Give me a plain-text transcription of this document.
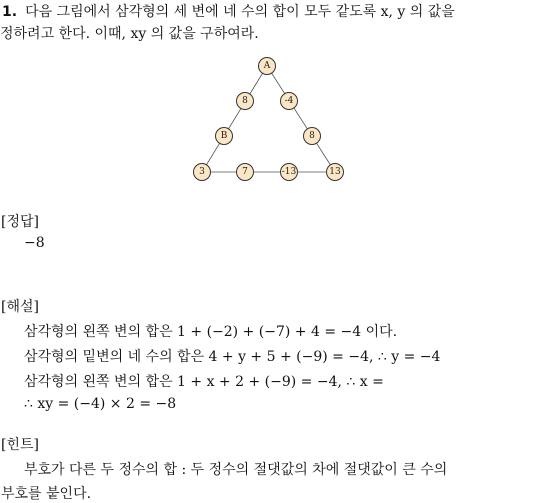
1. 다음 그림에서 삼각형의 세 변에 네 수의 합이 모두 같도록 x, y 의 값을
정하려고 한다. 이때, xy 의 값을 구하여라.
A
8	-4
B	8
3	7	-13	13
[정답]
−8
[해설]
삼각형의 왼쪽 변의 합은 1 + (−2) + (−7) + 4 = −4 이다.
삼각형의 밑변의 네 수의 합은 4 + y + 5 + (−9) = −4, ∴ y = −4
삼각형의 왼쪽 변의 합은 1 + x + 2 + (−9) = −4, ∴ x =
∴ xy = (−4) × 2 = −8
[힌트]
부호가 다른 두 정수의 합 : 두 정수의 절댓값의 차에 절댓값이 큰 수의
부호를 붙인다.
